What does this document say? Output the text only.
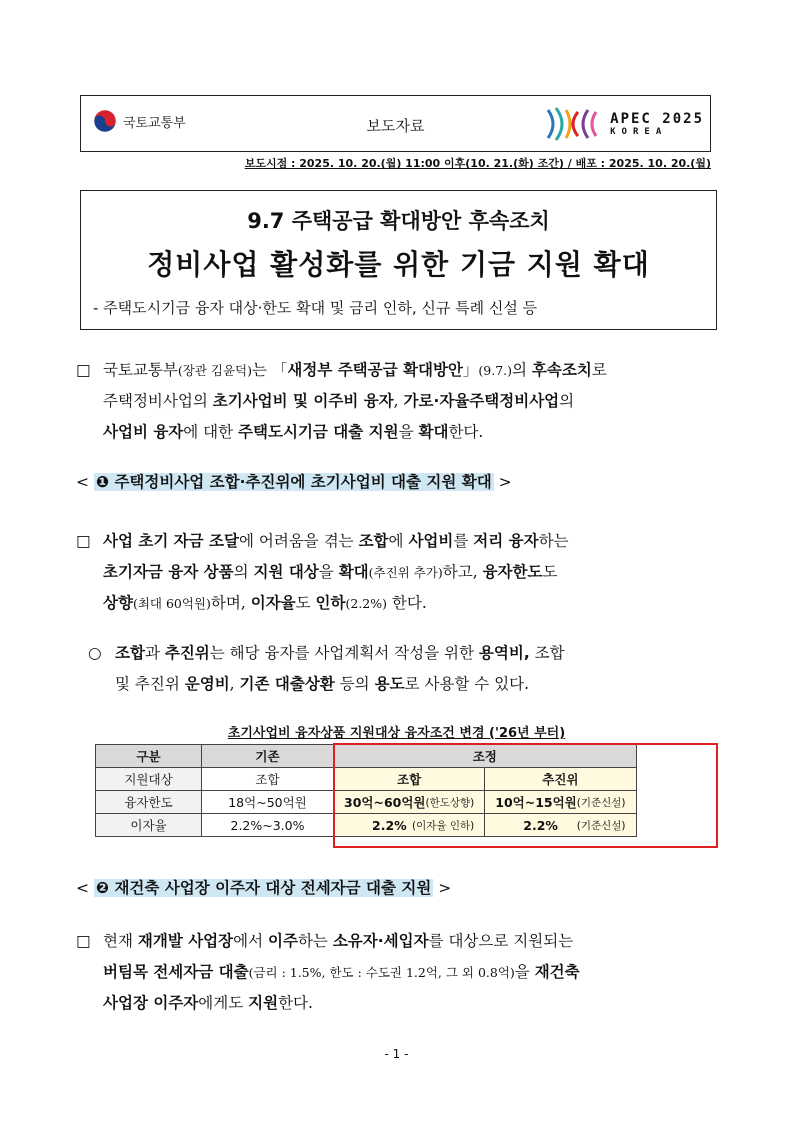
국토교통부	보도자료	APEC 2025
KOREA
보도시점 : 2025. 10. 20.(월) 11:00 이후(10. 21.(화) 조간) / 배포 : 2025. 10. 20.(월)
9.7 주택공급 확대방안 후속조치
정비사업 활성화를 위한 기금 지원 확대
- 주택도시기금 융자 대상·한도 확대 및 금리 인하, 신규 특례 신설 등
□ 국토교통부(장관 김윤덕)는 「새정부 주택공급 확대방안」(9.7.)의 후속조치로
주택정비사업의 초기사업비 및 이주비 융자, 가로·자율주택정비사업의
사업비 융자에 대한 주택도시기금 대출 지원을 확대한다.
< ❶ 주택정비사업 조합·추진위에 초기사업비 대출 지원 확대 >
□ 사업 초기 자금 조달에 어려움을 겪는 조합에 사업비를 저리 융자하는
초기자금 융자 상품의 지원 대상을 확대(추진위 추가)하고, 융자한도도
상향(최대 60억원)하며, 이자율도 인하(2.2%) 한다.
○ 조합과 추진위는 해당 융자를 사업계획서 작성을 위한 용역비, 조합
및 추진위 운영비, 기존 대출상환 등의 용도로 사용할 수 있다.
초기사업비 융자상품 지원대상 융자조건 변경 ('26년 부터)
구분	기존	조정	
지원대상	조합	조합	추진위
융자한도	18억~50억원	30억~60억원 (한도상향)	10억~15억원 (기준신설)

이자율	2.2%~3.0%	2.2% (이자율 인하)	2.2% (기준신설)
< ❷ 재건축 사업장 이주자 대상 전세자금 대출 지원 >
□ 현재 재개발 사업장에서 이주하는 소유자·세입자를 대상으로 지원되는
버팀목 전세자금 대출(금리 : 1.5%, 한도 : 수도권 1.2억, 그 외 0.8억)을 재건축
사업장 이주자에게도 지원한다.
- 1 -
